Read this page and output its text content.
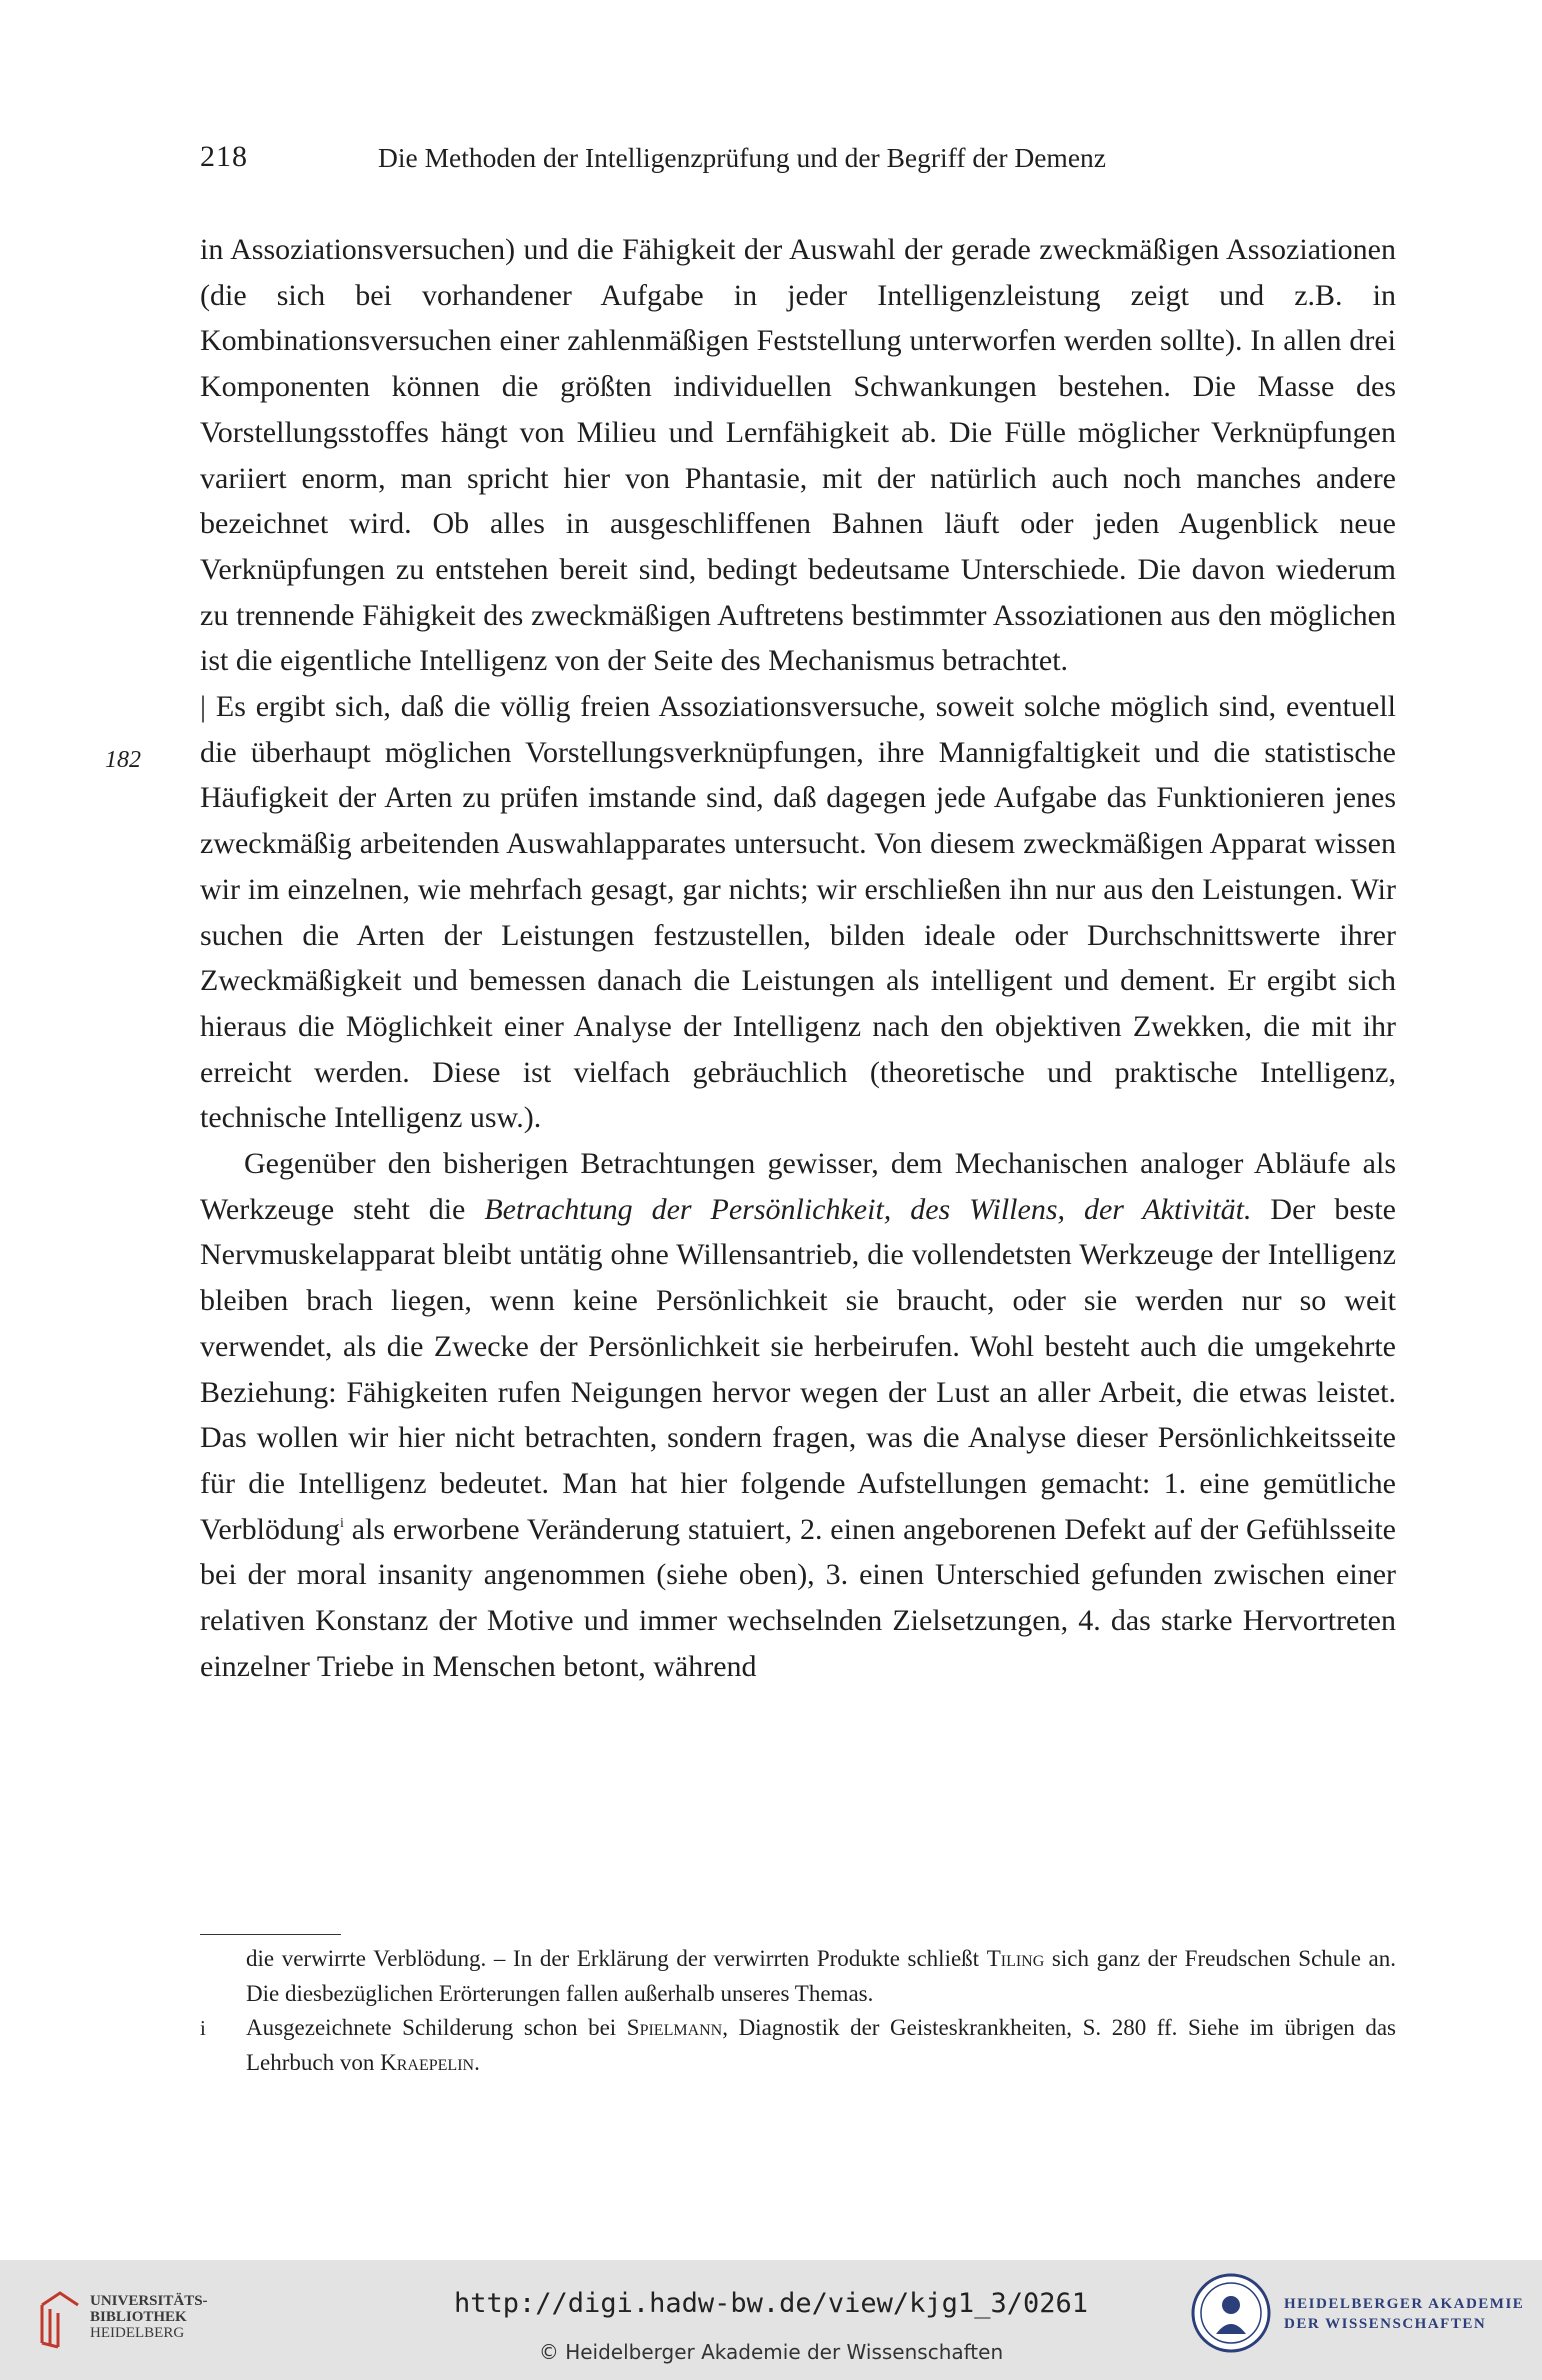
218	Die Methoden der Intelligenzprüfung und der Begriff der Demenz
182

in Assoziationsversuchen) und die Fähigkeit der Auswahl der gerade zweckmäßigen Assoziationen (die sich bei vorhandener Aufgabe in jeder Intelligenzleistung zeigt und z.B. in Kombinationsversuchen einer zahlenmäßigen Feststellung unterworfen werden sollte). In allen drei Komponenten können die größten individuellen Schwankungen bestehen. Die Masse des Vorstellungsstoffes hängt von Milieu und Lernfähigkeit ab. Die Fülle möglicher Verknüpfungen variiert enorm, man spricht hier von Phantasie, mit der natürlich auch noch manches andere bezeichnet wird. Ob alles in ausgeschliffenen Bahnen läuft oder jeden Augenblick neue Verknüpfungen zu entstehen bereit sind, bedingt bedeutsame Unterschiede. Die davon wiederum zu trennende Fähigkeit des zweckmäßigen Auftretens bestimmter Assoziationen aus den möglichen ist die eigentliche Intelligenz von der Seite des Mechanismus betrachtet.

| Es ergibt sich, daß die völlig freien Assoziationsversuche, soweit solche möglich sind, eventuell die überhaupt möglichen Vorstellungsverknüpfungen, ihre Mannigfaltigkeit und die statistische Häufigkeit der Arten zu prüfen imstande sind, daß dagegen jede Aufgabe das Funktionieren jenes zweckmäßig arbeitenden Auswahlapparates untersucht. Von diesem zweckmäßigen Apparat wissen wir im einzelnen, wie mehrfach gesagt, gar nichts; wir erschließen ihn nur aus den Leistungen. Wir suchen die Arten der Leistungen festzustellen, bilden ideale oder Durchschnittswerte ihrer Zweckmäßigkeit und bemessen danach die Leistungen als intelligent und dement. Er ergibt sich hieraus die Möglichkeit einer Analyse der Intelligenz nach den objektiven Zwekken, die mit ihr erreicht werden. Diese ist vielfach gebräuchlich (theoretische und praktische Intelligenz, technische Intelligenz usw.).

Gegenüber den bisherigen Betrachtungen gewisser, dem Mechanischen analoger Abläufe als Werkzeuge steht die Betrachtung der Persönlichkeit, des Willens, der Aktivität. Der beste Nervmuskelapparat bleibt untätig ohne Willensantrieb, die vollendetsten Werkzeuge der Intelligenz bleiben brach liegen, wenn keine Persönlichkeit sie braucht, oder sie werden nur so weit verwendet, als die Zwecke der Persönlichkeit sie herbeirufen. Wohl besteht auch die umgekehrte Beziehung: Fähigkeiten rufen Neigungen hervor wegen der Lust an aller Arbeit, die etwas leistet. Das wollen wir hier nicht betrachten, sondern fragen, was die Analyse dieser Persönlichkeitsseite für die Intelligenz bedeutet. Man hat hier folgende Aufstellungen gemacht: 1. eine gemütliche Verblödung$^i$ als erworbene Veränderung statuiert, 2. einen angeborenen Defekt auf der Gefühlsseite bei der moral insanity angenommen (siehe oben), 3. einen Unterschied gefunden zwischen einer relativen Konstanz der Motive und immer wechselnden Zielsetzungen, 4. das starke Hervortreten einzelner Triebe in Menschen betont, während

die verwirrte Verblödung. – In der Erklärung der verwirrten Produkte schließt Tiling sich ganz der Freudschen Schule an. Die diesbezüglichen Erörterungen fallen außerhalb unseres Themas.
i Ausgezeichnete Schilderung schon bei Spielmann, Diagnostik der Geisteskrankheiten, S. 280 ff. Siehe im übrigen das Lehrbuch von Kraepelin.
UNIVERSITÄTS-
BIBLIOTHEK
HEIDELBERG
http://digi.hadw-bw.de/view/kjg1_3/0261
© Heidelberger Akademie der Wissenschaften
HEIDELBERGER AKADEMIE
DER WISSENSCHAFTEN
